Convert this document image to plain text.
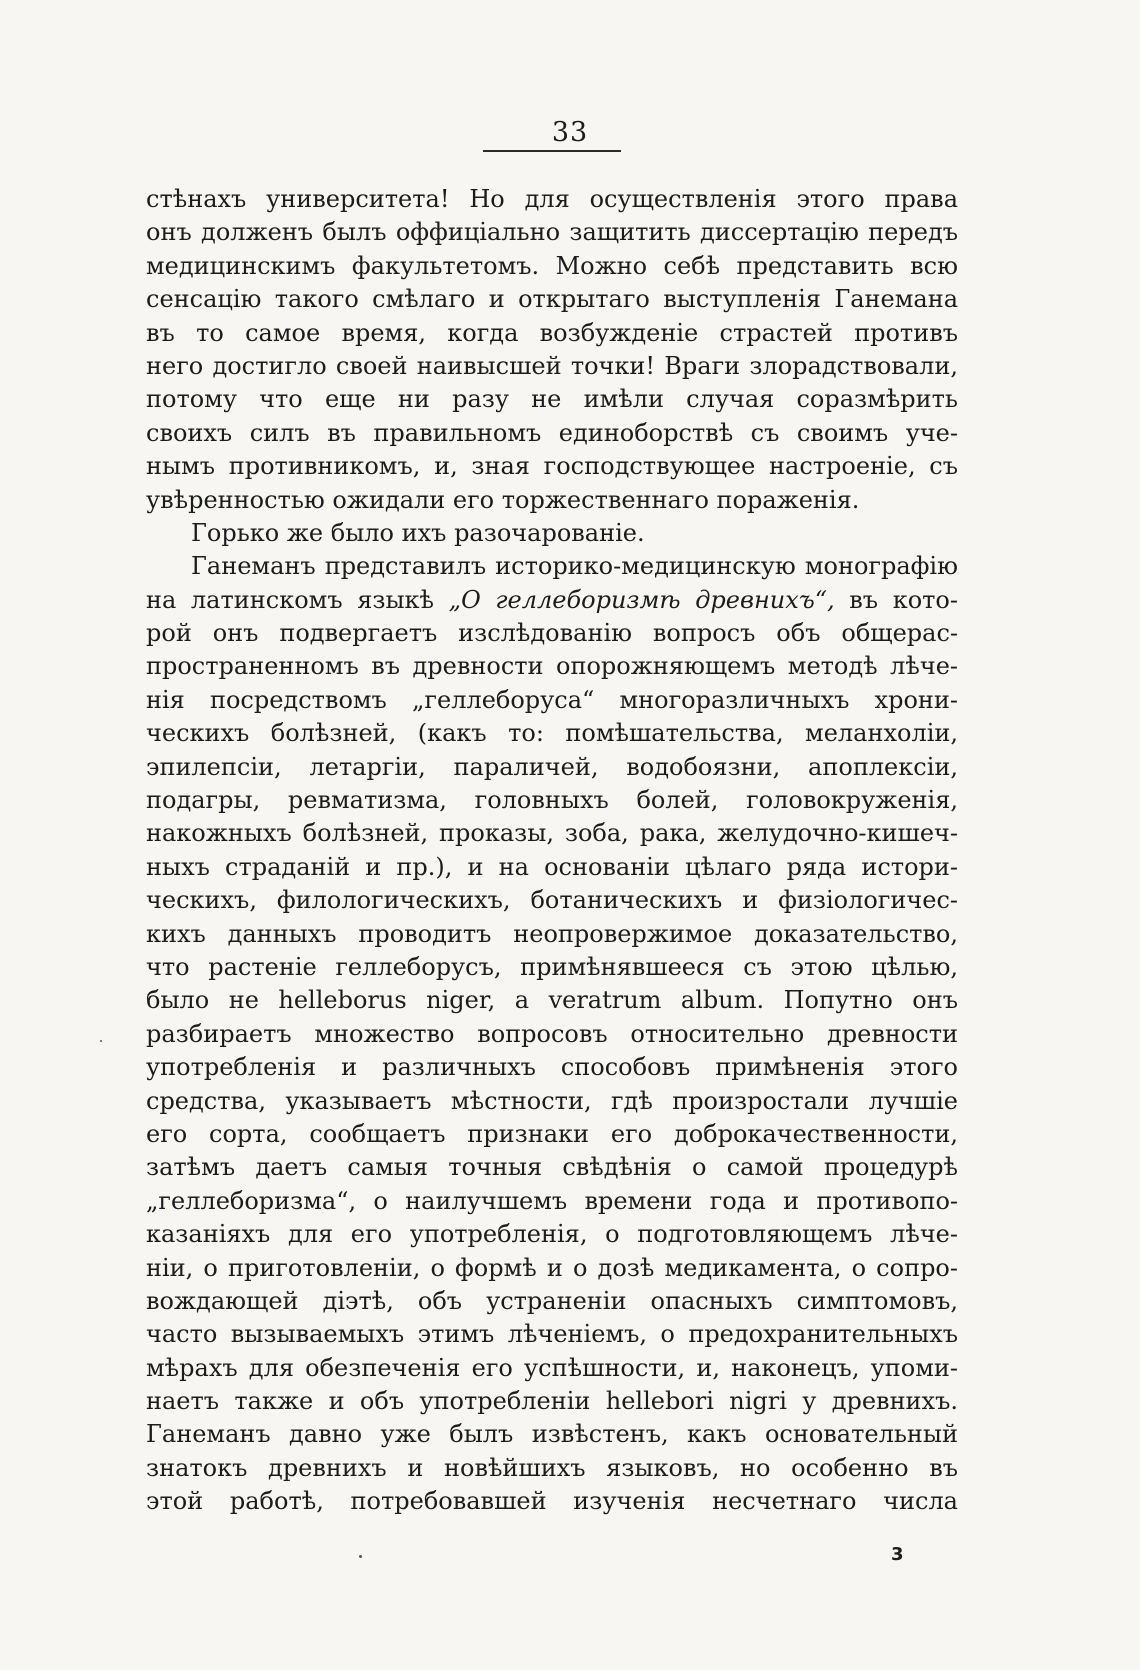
33
стѣнахъ университета! Но для осуществленія этого права
онъ долженъ былъ оффиціально защитить диссертацію передъ
медицинскимъ факультетомъ. Можно себѣ представить всю
сенсацію такого смѣлаго и открытаго выступленія Ганемана
въ то самое время, когда возбужденіе страстей противъ
него достигло своей наивысшей точки! Враги злорадствовали,
потому что еще ни разу не имѣли случая соразмѣрить
своихъ силъ въ правильномъ единоборствѣ съ своимъ уче-
нымъ противникомъ, и, зная господствующее настроеніе, съ
увѣренностью ожидали его торжественнаго пораженія.
Горько же было ихъ разочарованіе.
Ганеманъ представилъ историко-медицинскую монографію
на латинскомъ языкѣ „О геллеборизмѣ древнихъ“, въ кото-
рой онъ подвергаетъ изслѣдованію вопросъ объ общерас-
пространенномъ въ древности опорожняющемъ методѣ лѣче-
нія посредствомъ „геллеборуса“ многоразличныхъ хрони-
ческихъ болѣзней, (какъ то: помѣшательства, меланхоліи,
эпилепсіи, летаргіи, параличей, водобоязни, апоплексіи,
подагры, ревматизма, головныхъ болей, головокруженія,
накожныхъ болѣзней, проказы, зоба, рака, желудочно-кишеч-
ныхъ страданій и пр.), и на основаніи цѣлаго ряда истори-
ческихъ, филологическихъ, ботаническихъ и физіологичес-
кихъ данныхъ проводитъ неопровержимое доказательство,
что растеніе геллеборусъ, примѣнявшееся съ этою цѣлью,
было не helleborus niger, a veratrum album. Попутно онъ
разбираетъ множество вопросовъ относительно древности
употребленія и различныхъ способовъ примѣненія этого
средства, указываетъ мѣстности, гдѣ произростали лучшіе
его сорта, сообщаетъ признаки его доброкачественности,
затѣмъ даетъ самыя точныя свѣдѣнія о самой процедурѣ
„геллеборизма“, о наилучшемъ времени года и противопо-
казаніяхъ для его употребленія, о подготовляющемъ лѣче-
ніи, о приготовленіи, о формѣ и о дозѣ медикамента, о сопро-
вождающей діэтѣ, объ устраненіи опасныхъ симптомовъ,
часто вызываемыхъ этимъ лѣченіемъ, о предохранительныхъ
мѣрахъ для обезпеченія его успѣшности, и, наконецъ, упоми-
наетъ также и объ употребленіи hellebori nigri у древнихъ.
Ганеманъ давно уже былъ извѣстенъ, какъ основательный
знатокъ древнихъ и новѣйшихъ языковъ, но особенно въ
этой работѣ, потребовавшей изученія несчетнаго числа
3
